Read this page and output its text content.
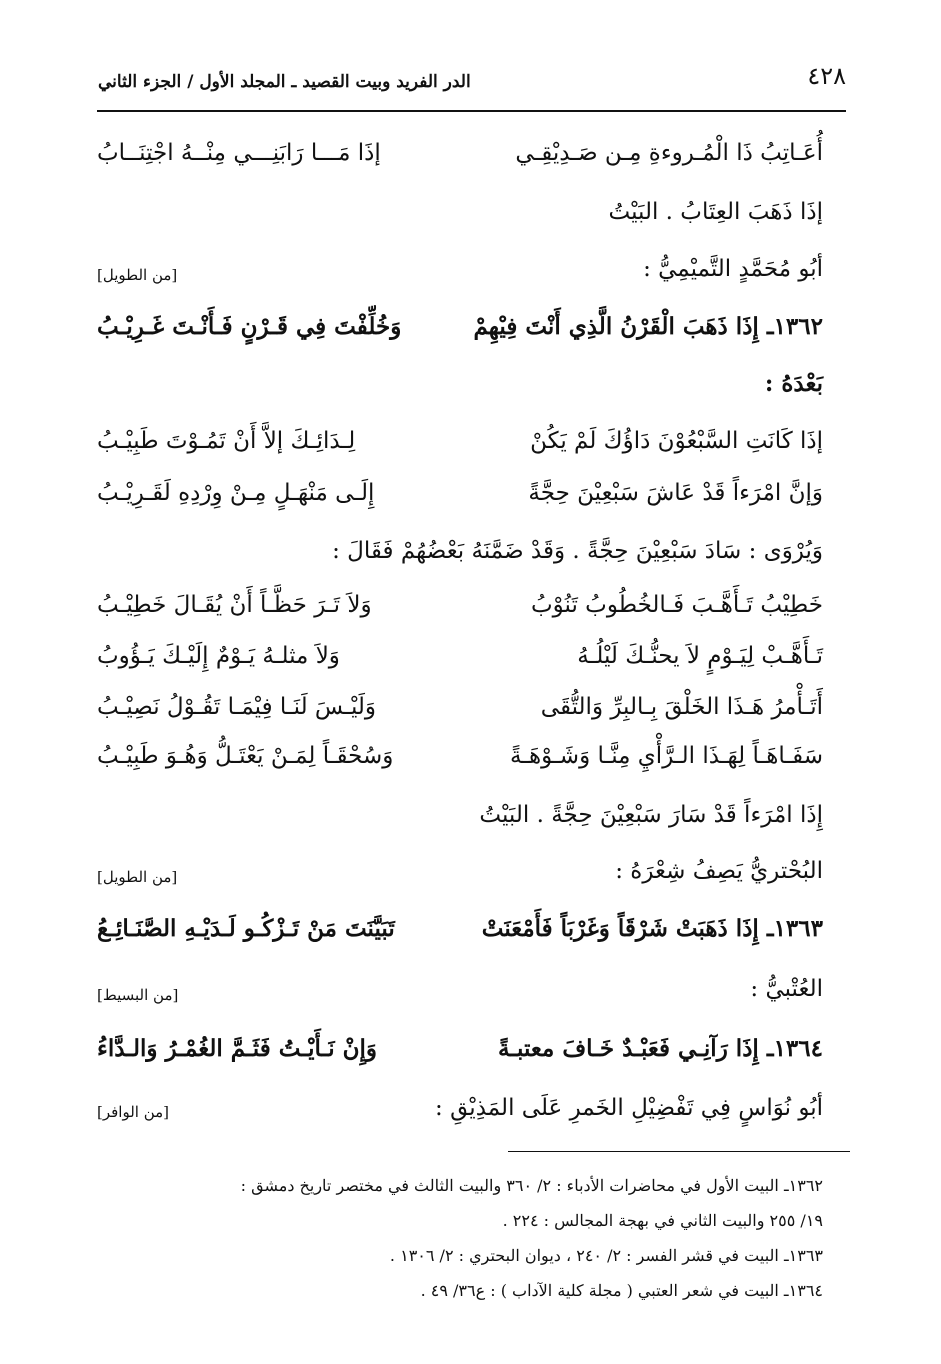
٤٢٨
الدر الفريد وبيت القصيد ـ المجلد الأول / الجزء الثاني
أُعَـاتِبُ ذَا الْمُـروءةِ مِـن صَـدِيْقِـي
إذَا مَـــا رَابَنِـــي مِنْــهُ اجْتِنَــابُ
إذَا ذَهَبَ العِتَابُ . البَيْتُ
أبُو مُحَمَّدٍ التَّميْمِيُّ :
[من الطويل]
١٣٦٢ـ إِذَا ذَهَبَ الْقَرْنُ الَّذِي أَنْتَ فِيْهِمْ
وَخُلِّفْتَ فِي قَـرْنٍ فَـأَنْـتَ غَـرِيْـبُ
بَعْدَهُ :
إذَا كَانَتِ السَّبْعُوْنَ دَاؤُكَ لَمْ يَكُنْ
لِـدَائِـكَ إلاَّ أَنْ تَمُـوْتَ طَبِيْـبُ
وَإنَّ امْرَءاً قَدْ عَاشَ سَبْعِيْنَ حِجَّةً
إِلَـى مَنْهَـلٍ مِـنْ وِرْدِهِ لَقَـرِيْـبُ
وَيُرْوَى : سَادَ سَبْعِيْنَ حِجَّةً . وَقَدْ ضَمَّنَهُ بَعْضُهُمْ فَقَالَ :
خَطِيْبُ تَـأَهَّـبَ فَـالخُطُوبُ تَنُوْبُ
وَلاَ تَـرَ حَظَّـاً أَنْ يُقَـالَ خَطِيْـبُ
تَـأَهَّـبْ لِيَـوْمٍ لاَ يحنُّـكَ لَيْلُـهُ
وَلاَ مثلـهُ يَـوْمٌ إِلَيْـكَ يَـؤُوبُ
أَتَـأْمرُ هَـذَا الخَلْقَ بِـالبِرِّ وَالتُّقَى
وَلَيْـسَ لَنَـا فِيْمَـا تَقُـوْلُ نَصِيْـبُ
سَفَـاهَـاً لِهَـذَا الـرَّأْيِ مِنَّـا وَشَـوْهَـةً
وَسُحْقَـاً لِمَـنْ يَعْتَـلُّ وَهُـوَ طَبِيْـبُ
إِذَا امْرَءاً قَدْ سَارَ سَبْعِيْنَ حِجَّةً . البَيْتُ
البُحْتريُّ يَصِفُ شِعْرَهُ :
[من الطويل]
١٣٦٣ـ إِذَا ذَهَبَتْ شَرْقَاً وَغَرْبَاً فَأَمْعَنَتْ
تَبَيَّنَتَ مَنْ تَـزْكُـو لَـدَيْـهِ الصَّنَـائِـعُ
العُتْبيُّ :
[من البسيط]
١٣٦٤ـ إِذَا رَآنِـي فَعَبْـدٌ خَـافَ معتبـةً
وَإِنْ نَـأَيْـتُ فَثَـمَّ الغُمْـرُ وَالـدَّاءُ
أبُو نُوَاسٍ فِي تَفْضِيْلِ الخَمرِ عَلَى المَذِيْقِ :
[من الوافر]
١٣٦٢ـ البيت الأول في محاضرات الأدباء : ٢/ ٣٦٠ والبيت الثالث في مختصر تاريخ دمشق :
١٩/ ٢٥٥ والبيت الثاني في بهجة المجالس : ٢٢٤ .
١٣٦٣ـ البيت في قشر الفسر : ٢/ ٢٤٠ ، ديوان البحتري : ٢/ ١٣٠٦ .
١٣٦٤ـ البيت في شعر العتبي ( مجلة كلية الآداب ) : ع٣٦/ ٤٩ .
